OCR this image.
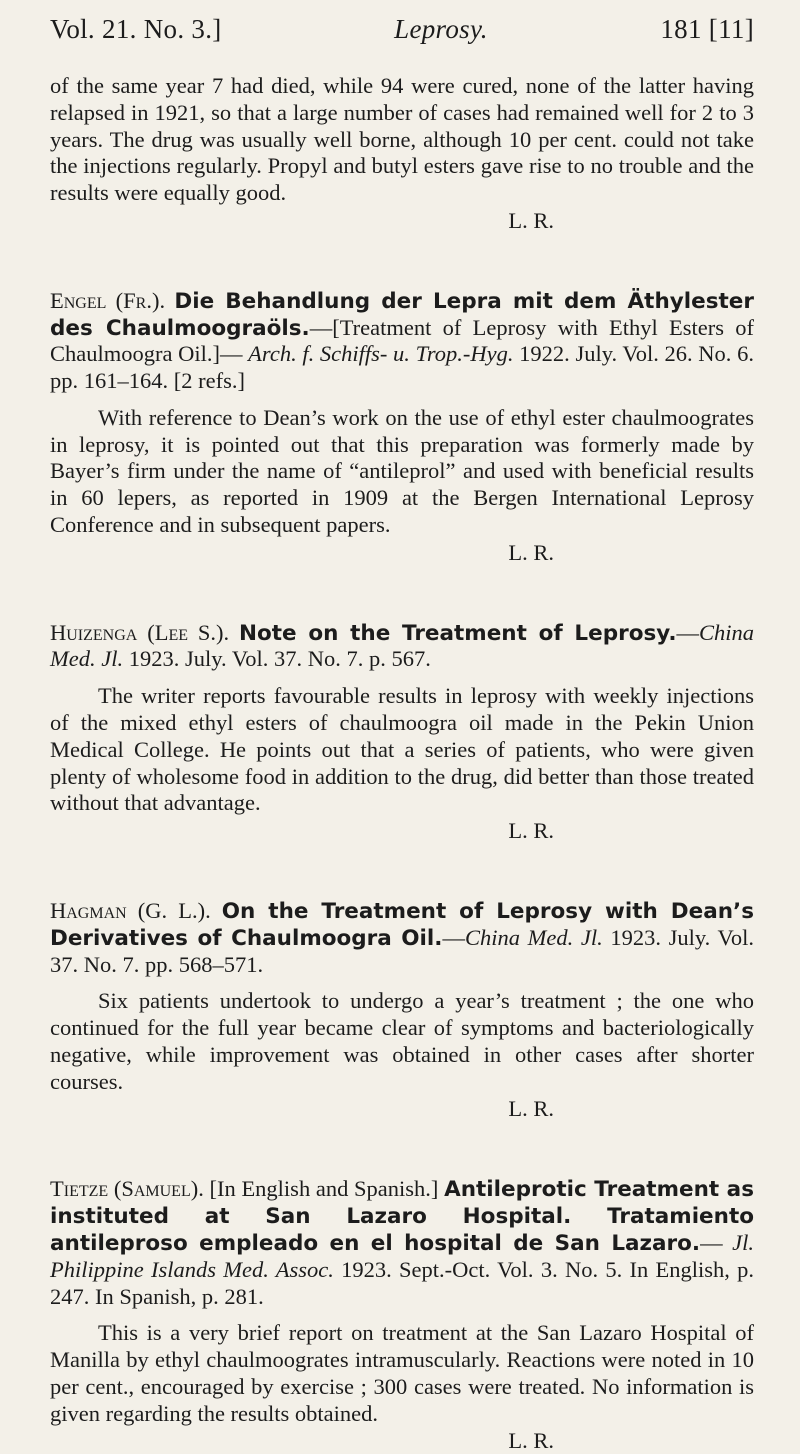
Vol. 21. No. 3.]	Leprosy.	181 [11]

of the same year 7 had died, while 94 were cured, none of the latter having relapsed in 1921, so that a large number of cases had remained well for 2 to 3 years. The drug was usually well borne, although 10 per cent. could not take the injections regularly. Propyl and butyl esters gave rise to no trouble and the results were equally good.

L. R.

Engel (Fr.). Die Behandlung der Lepra mit dem Äthylester des Chaulmoograöls.—[Treatment of Leprosy with Ethyl Esters of Chaulmoogra Oil.]— Arch. f. Schiffs- u. Trop.-Hyg. 1922. July. Vol. 26. No. 6. pp. 161–164. [2 refs.]

With reference to Dean’s work on the use of ethyl ester chaulmoogrates in leprosy, it is pointed out that this preparation was formerly made by Bayer’s firm under the name of “antileprol” and used with beneficial results in 60 lepers, as reported in 1909 at the Bergen International Leprosy Conference and in subsequent papers.

L. R.

Huizenga (Lee S.). Note on the Treatment of Leprosy.—China Med. Jl. 1923. July. Vol. 37. No. 7. p. 567.

The writer reports favourable results in leprosy with weekly injections of the mixed ethyl esters of chaulmoogra oil made in the Pekin Union Medical College. He points out that a series of patients, who were given plenty of wholesome food in addition to the drug, did better than those treated without that advantage.

L. R.

Hagman (G. L.). On the Treatment of Leprosy with Dean’s Derivatives of Chaulmoogra Oil.—China Med. Jl. 1923. July. Vol. 37. No. 7. pp. 568–571.

Six patients undertook to undergo a year’s treatment ; the one who continued for the full year became clear of symptoms and bacteriologically negative, while improvement was obtained in other cases after shorter courses.

L. R.

Tietze (Samuel). [In English and Spanish.] Antileprotic Treatment as instituted at San Lazaro Hospital. Tratamiento antileproso empleado en el hospital de San Lazaro.— Jl. Philippine Islands Med. Assoc. 1923. Sept.-Oct. Vol. 3. No. 5. In English, p. 247. In Spanish, p. 281.

This is a very brief report on treatment at the San Lazaro Hospital of Manilla by ethyl chaulmoogrates intramuscularly. Reactions were noted in 10 per cent., encouraged by exercise ; 300 cases were treated. No information is given regarding the results obtained.

L. R.
